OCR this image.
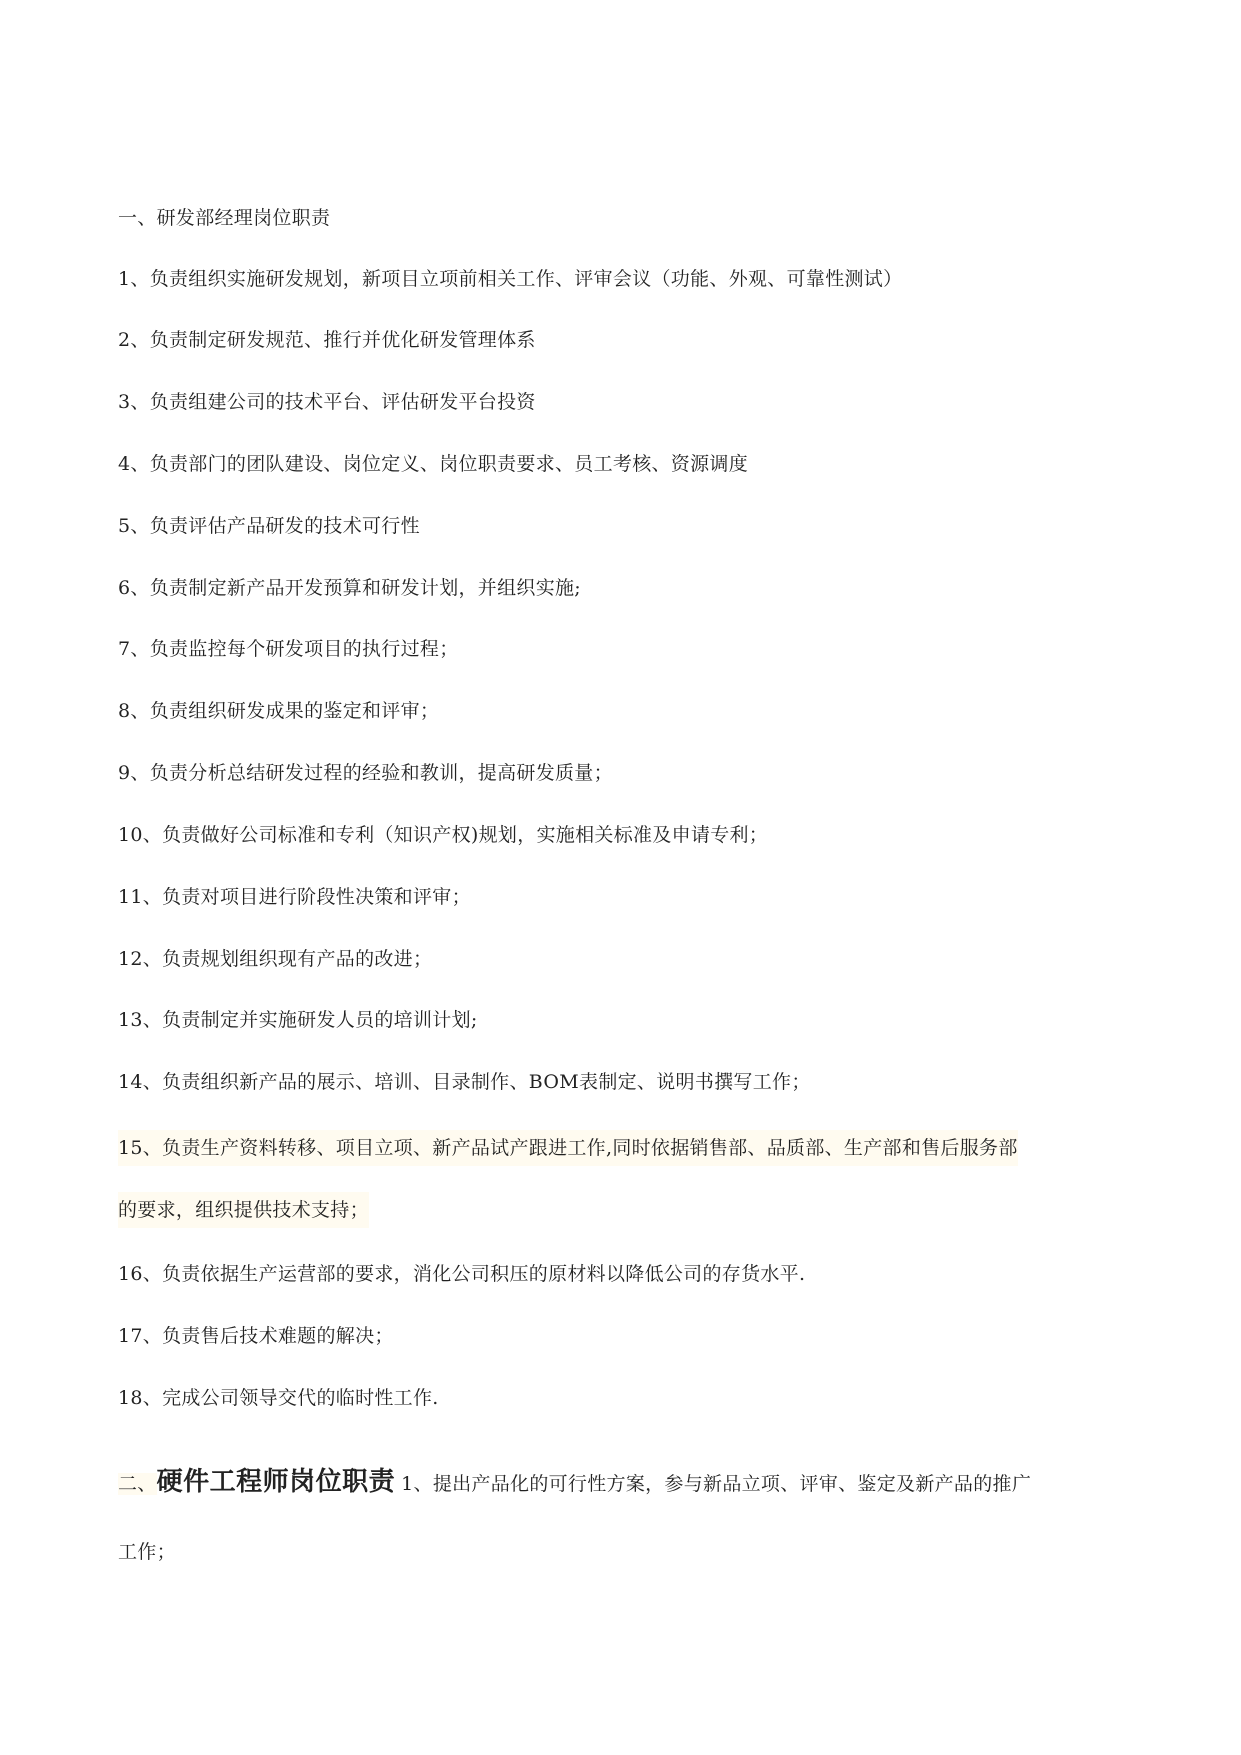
一、研发部经理岗位职责
1、负责组织实施研发规划，新项目立项前相关工作、评审会议（功能、外观、可靠性测试）
2、负责制定研发规范、推行并优化研发管理体系
3、负责组建公司的技术平台、评估研发平台投资
4、负责部门的团队建设、岗位定义、岗位职责要求、员工考核、资源调度
5、负责评估产品研发的技术可行性
6、负责制定新产品开发预算和研发计划，并组织实施;
7、负责监控每个研发项目的执行过程；
8、负责组织研发成果的鉴定和评审；
9、负责分析总结研发过程的经验和教训，提高研发质量；
10、负责做好公司标准和专利（知识产权)规划，实施相关标准及申请专利；
11、负责对项目进行阶段性决策和评审；
12、负责规划组织现有产品的改进；
13、负责制定并实施研发人员的培训计划;
14、负责组织新产品的展示、培训、目录制作、BOM表制定、说明书撰写工作；
15、负责生产资料转移、项目立项、新产品试产跟进工作,同时依据销售部、品质部、生产部和售后服务部
的要求，组织提供技术支持；
16、负责依据生产运营部的要求，消化公司积压的原材料以降低公司的存货水平.
17、负责售后技术难题的解决；
18、完成公司领导交代的临时性工作.
二、硬件工程师岗位职责 1、提出产品化的可行性方案，参与新品立项、评审、鉴定及新产品的推广
工作；
